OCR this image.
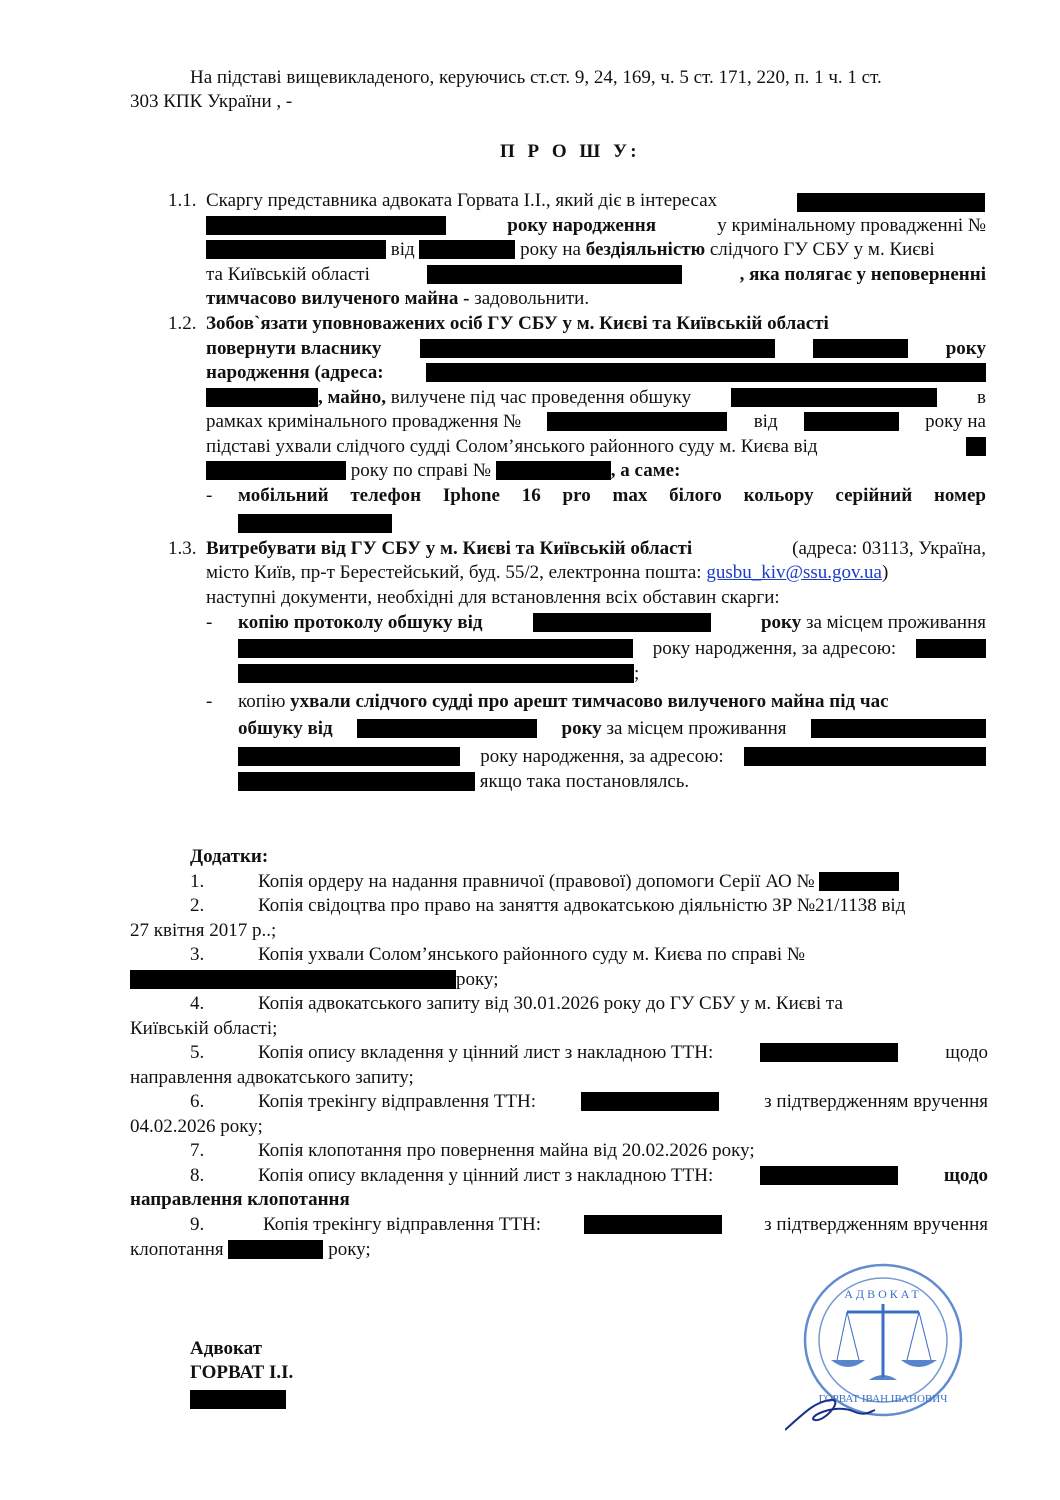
На підставі вищевикладеного, керуючись ст.ст. 9, 24, 169, ч. 5 ст. 171, 220, п. 1 ч. 1 ст.
303 КПК України , -
П Р О Ш У:
1.1. Скаргу представника адвоката Горвата І.І., який діє в інтересах
року народження	у кримінальному провадженні №
від	року на бездіяльністю слідчого ГУ СБУ у м. Києві
та Київській області	, яка полягає у неповерненні
тимчасово вилученого майна - задовольнити.
1.2. Зобов`язати уповноважених осіб ГУ СБУ у м. Києві та Київській області
повернути власнику	року
народження (адреса:
, майно, вилучене під час проведення обшуку	в
рамках кримінального провадження №	від	року на
підставі ухвали слідчого судді Солом’янського районного суду м. Києва від
року по справі №	, а саме:
- мобільний телефон Iphone 16 pro max білого кольору серійний номер
1.3. Витребувати від ГУ СБУ у м. Києві та Київській області	(адреса: 03113, Україна,
місто Київ, пр-т Берестейський, буд. 55/2, електронна пошта: gusbu_kiv@ssu.gov.ua)
наступні документи, необхідні для встановлення всіх обставин скарги:
- копію протоколу обшуку від	року за місцем проживання
року народження, за адресою:
;
- копію ухвали слідчого судді про арешт тимчасово вилученого майна під час
обшуку від	року за місцем проживання
року народження, за адресою:
якщо така постановлялсь.
Додатки:
1.	Копія ордеру на надання правничої (правової) допомоги Серії АО №
2.	Копія свідоцтва про право на заняття адвокатською діяльністю ЗР №21/1138 від
27 квітня 2017 р..;
3.	Копія ухвали Солом’янського районного суду м. Києва по справі №
року;
4.	Копія адвокатського запиту від 30.01.2026 року до ГУ СБУ у м. Києві та
Київській області;
5.	Копія опису вкладення у цінний лист з накладною ТТН:	щодо
направлення адвокатського запиту;
6.	Копія трекінгу відправлення ТТН:	з підтвердженням вручення
04.02.2026 року;
7.	Копія клопотання про повернення майна від 20.02.2026 року;
8.	Копія опису вкладення у цінний лист з накладною ТТН:	щодо
направлення клопотання
9.	Копія трекінгу відправлення ТТН:	з підтвердженням вручення
клопотання	року;
Адвокат
ГОРВАТ І.І.
АДВОКАТ
ГОРВАТ ІВАН ІВАНОВИЧ
